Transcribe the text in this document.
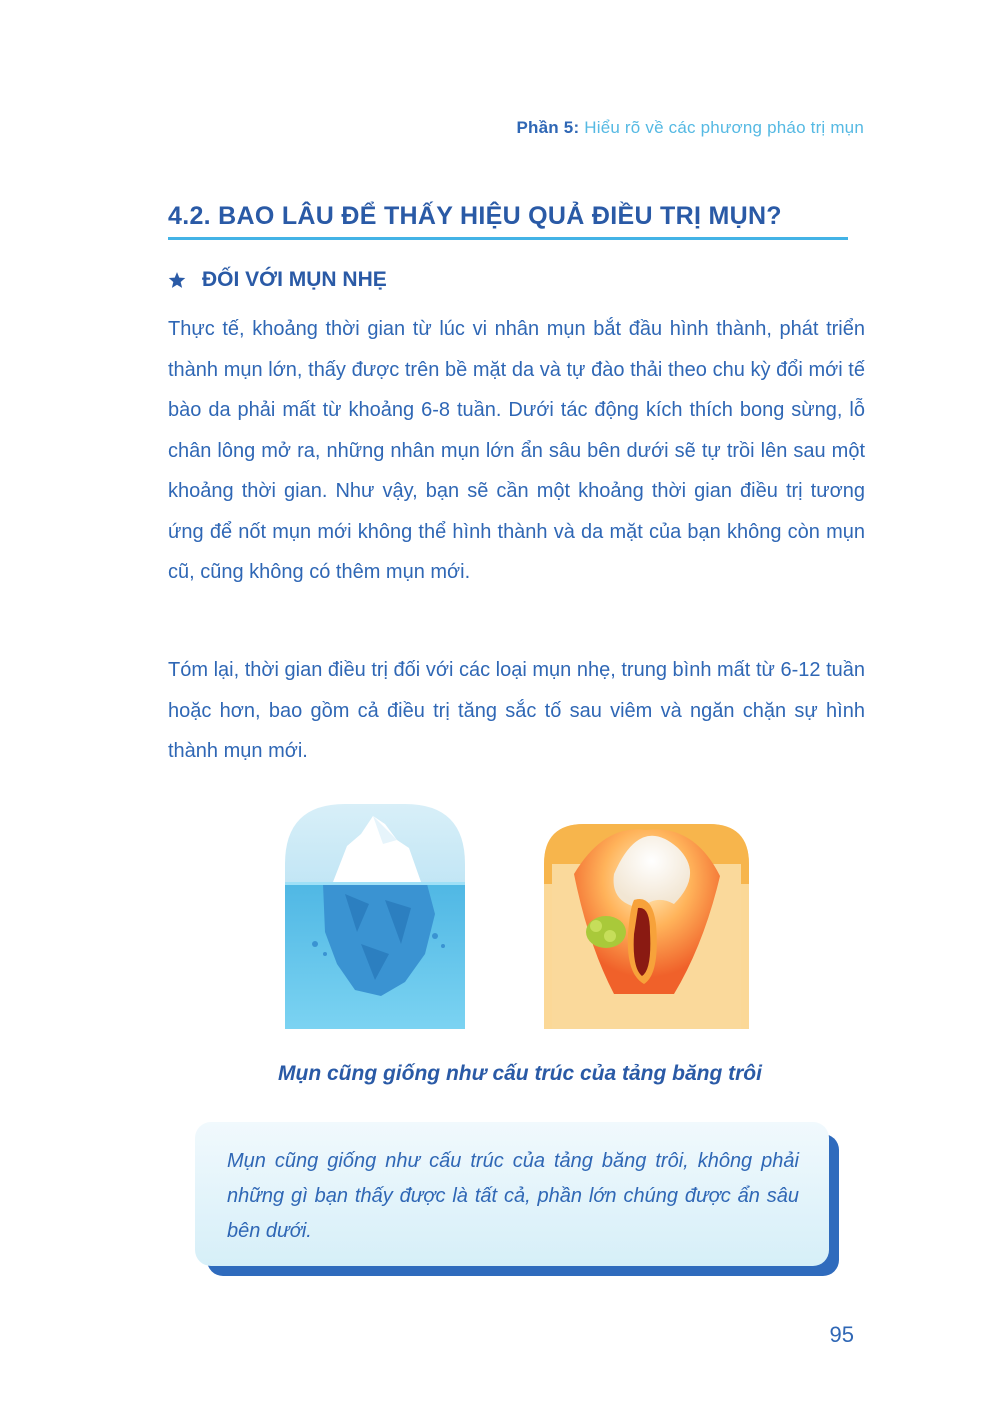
Phần 5: Hiểu rõ về các phương pháo trị mụn
4.2. BAO LÂU ĐỂ THẤY HIỆU QUẢ ĐIỀU TRỊ MỤN?
ĐỐI VỚI MỤN NHẸ

Thực tế, khoảng thời gian từ lúc vi nhân mụn bắt đầu hình thành, phát triển thành mụn lớn, thấy được trên bề mặt da và tự đào thải theo chu kỳ đổi mới tế bào da phải mất từ khoảng 6-8 tuần. Dưới tác động kích thích bong sừng, lỗ chân lông mở ra, những nhân mụn lớn ẩn sâu bên dưới sẽ tự trồi lên sau một khoảng thời gian. Như vậy, bạn sẽ cần một khoảng thời gian điều trị tương ứng để nốt mụn mới không thể hình thành và da mặt của bạn không còn mụn cũ, cũng không có thêm mụn mới.

Tóm lại, thời gian điều trị đối với các loại mụn nhẹ, trung bình mất từ 6-12 tuần hoặc hơn, bao gồm cả điều trị tăng sắc tố sau viêm và ngăn chặn sự hình thành mụn mới.

Mụn cũng giống như cấu trúc của tảng băng trôi

Mụn cũng giống như cấu trúc của tảng băng trôi, không phải những gì bạn thấy được là tất cả, phần lớn chúng được ẩn sâu bên dưới.

95
